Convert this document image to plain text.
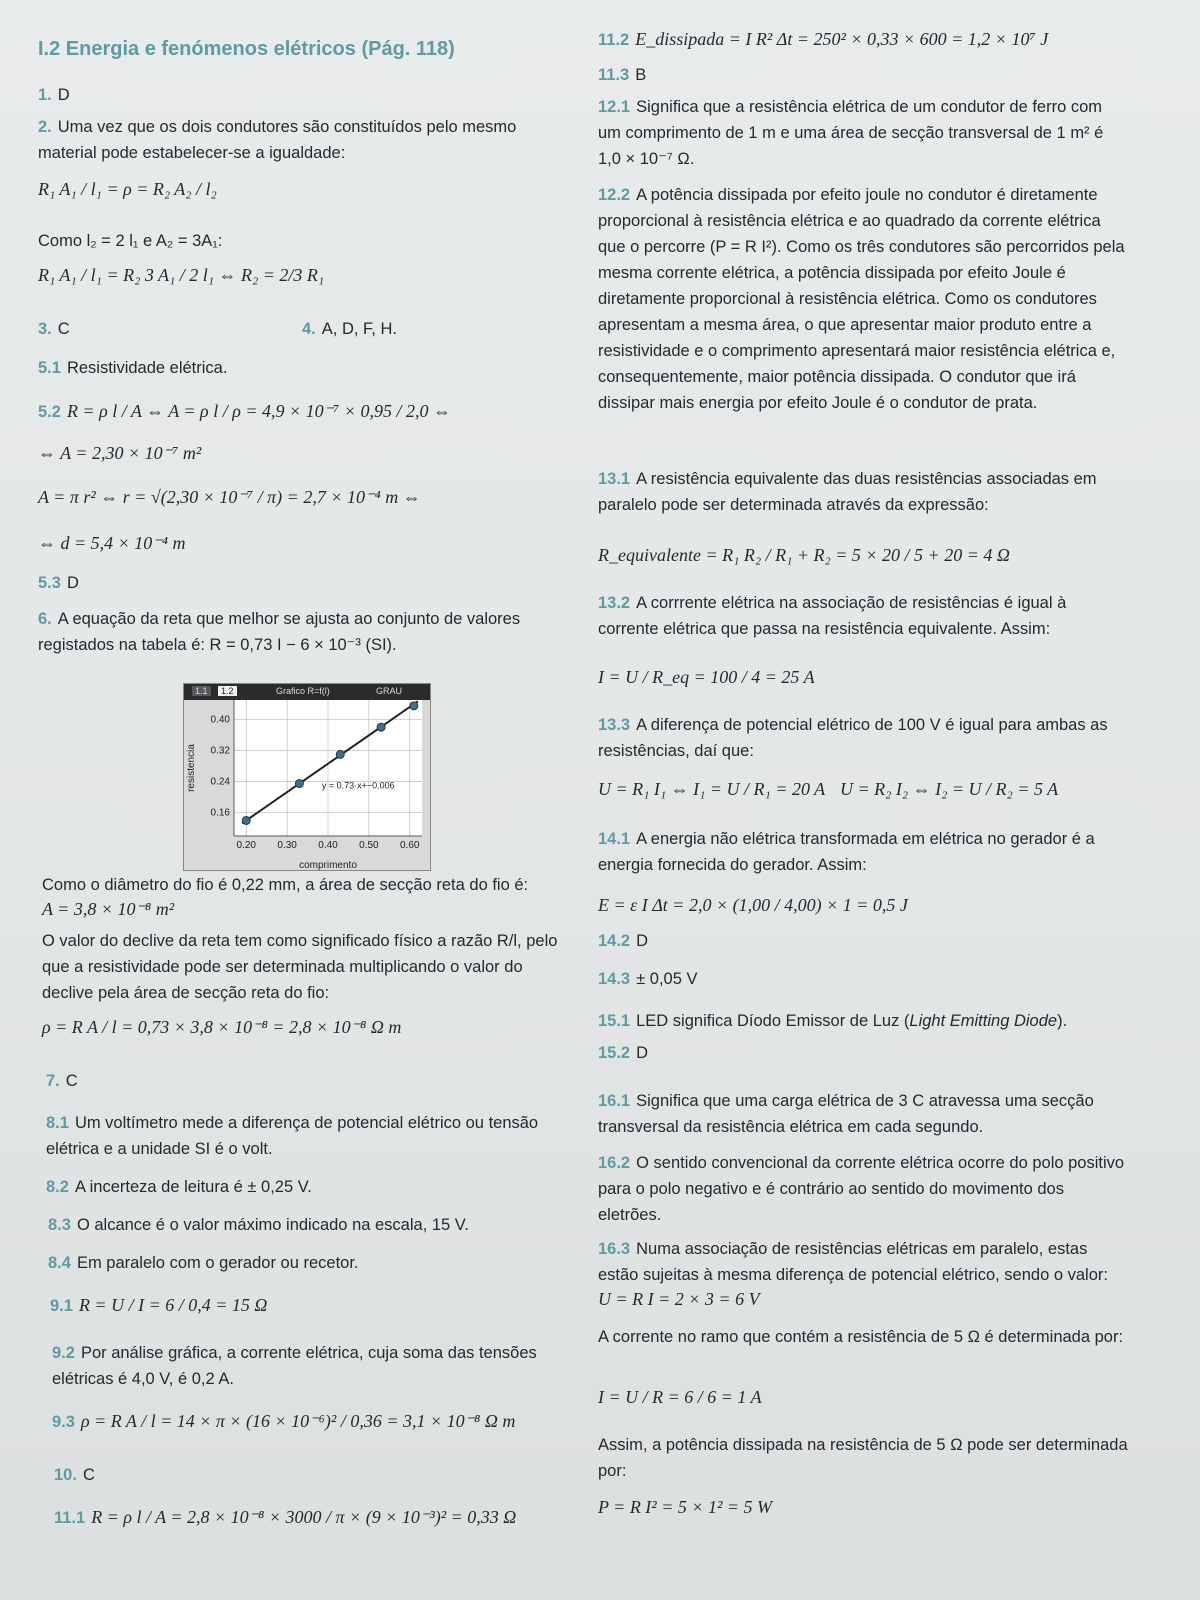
I.2 Energia e fenómenos elétricos (Pág. 118)
1. D
2. Uma vez que os dois condutores são constituídos pelo mesmo material pode estabelecer-se a igualdade:
R₁ A₁ / l₁ = ρ = R₂ A₂ / l₂
Como l₂ = 2 l₁ e A₂ = 3A₁:
R₁ A₁ / l₁ = R₂ 3 A₁ / 2 l₁ ⇔ R₂ = 2/3 R₁
3. C	4. A, D, F, H.
5.1 Resistividade elétrica.
5.2 R = ρ l / A ⇔ A = ρ l / ρ = 4,9 × 10⁻⁷ × 0,95 / 2,0 ⇔
⇔ A = 2,30 × 10⁻⁷ m²
A = π r² ⇔ r = √(2,30 × 10⁻⁷ / π) = 2,7 × 10⁻⁴ m ⇔
⇔ d = 5,4 × 10⁻⁴ m
5.3 D
6. A equação da reta que melhor se ajusta ao conjunto de valores registados na tabela é: R = 0,73 I − 6 × 10⁻³ (SI).
1.1	1.2	Grafico R=f(l)	GRAU
0.20 0.30 0.40 0.50 0.60
0.16
0.24
0.32
0.40
y = 0.73·x+−0.006
comprimento
resistencia
Como o diâmetro do fio é 0,22 mm, a área de secção reta do fio é:
A = 3,8 × 10⁻⁸ m²
O valor do declive da reta tem como significado físico a razão R/l, pelo que a resistividade pode ser determinada multiplicando o valor do declive pela área de secção reta do fio:
ρ = R A / l = 0,73 × 3,8 × 10⁻⁸ = 2,8 × 10⁻⁸ Ω m
7. C
8.1 Um voltímetro mede a diferença de potencial elétrico ou tensão elétrica e a unidade SI é o volt.
8.2 A incerteza de leitura é ± 0,25 V.
8.3 O alcance é o valor máximo indicado na escala, 15 V.
8.4 Em paralelo com o gerador ou recetor.
9.1 R = U / I = 6 / 0,4 = 15 Ω
9.2 Por análise gráfica, a corrente elétrica, cuja soma das tensões elétricas é 4,0 V, é 0,2 A.
9.3 ρ = R A / l = 14 × π × (16 × 10⁻⁶)² / 0,36 = 3,1 × 10⁻⁸ Ω m
10. C
11.1 R = ρ l / A = 2,8 × 10⁻⁸ × 3000 / π × (9 × 10⁻³)² = 0,33 Ω
11.2 E_dissipada = I R² Δt = 250² × 0,33 × 600 = 1,2 × 10⁷ J
11.3 B
12.1 Significa que a resistência elétrica de um condutor de ferro com um comprimento de 1 m e uma área de secção transversal de 1 m² é 1,0 × 10⁻⁷ Ω.
12.2 A potência dissipada por efeito joule no condutor é diretamente proporcional à resistência elétrica e ao quadrado da corrente elétrica que o percorre (P = R I²). Como os três condutores são percorridos pela mesma corrente elétrica, a potência dissipada por efeito Joule é diretamente proporcional à resistência elétrica. Como os condutores apresentam a mesma área, o que apresentar maior produto entre a resistividade e o comprimento apresentará maior resistência elétrica e, consequentemente, maior potência dissipada. O condutor que irá dissipar mais energia por efeito Joule é o condutor de prata.
13.1 A resistência equivalente das duas resistências associadas em paralelo pode ser determinada através da expressão:
R_equivalente = R₁ R₂ / R₁ + R₂ = 5 × 20 / 5 + 20 = 4 Ω
13.2 A corrrente elétrica na associação de resistências é igual à corrente elétrica que passa na resistência equivalente. Assim:
I = U / R_eq = 100 / 4 = 25 A
13.3 A diferença de potencial elétrico de 100 V é igual para ambas as resistências, daí que:
U = R₁ I₁ ⇔ I₁ = U / R₁ = 20 A U = R₂ I₂ ⇔ I₂ = U / R₂ = 5 A
14.1 A energia não elétrica transformada em elétrica no gerador é a energia fornecida do gerador. Assim:
E = ε I Δt = 2,0 × (1,00 / 4,00) × 1 = 0,5 J
14.2 D
14.3 ± 0,05 V
15.1 LED significa Díodo Emissor de Luz (Light Emitting Diode).
15.2 D
16.1 Significa que uma carga elétrica de 3 C atravessa uma secção transversal da resistência elétrica em cada segundo.
16.2 O sentido convencional da corrente elétrica ocorre do polo positivo para o polo negativo e é contrário ao sentido do movimento dos eletrões.
16.3 Numa associação de resistências elétricas em paralelo, estas estão sujeitas à mesma diferença de potencial elétrico, sendo o valor:
U = R I = 2 × 3 = 6 V
A corrente no ramo que contém a resistência de 5 Ω é determinada por:
I = U / R = 6 / 6 = 1 A
Assim, a potência dissipada na resistência de 5 Ω pode ser determinada por:
P = R I² = 5 × 1² = 5 W
